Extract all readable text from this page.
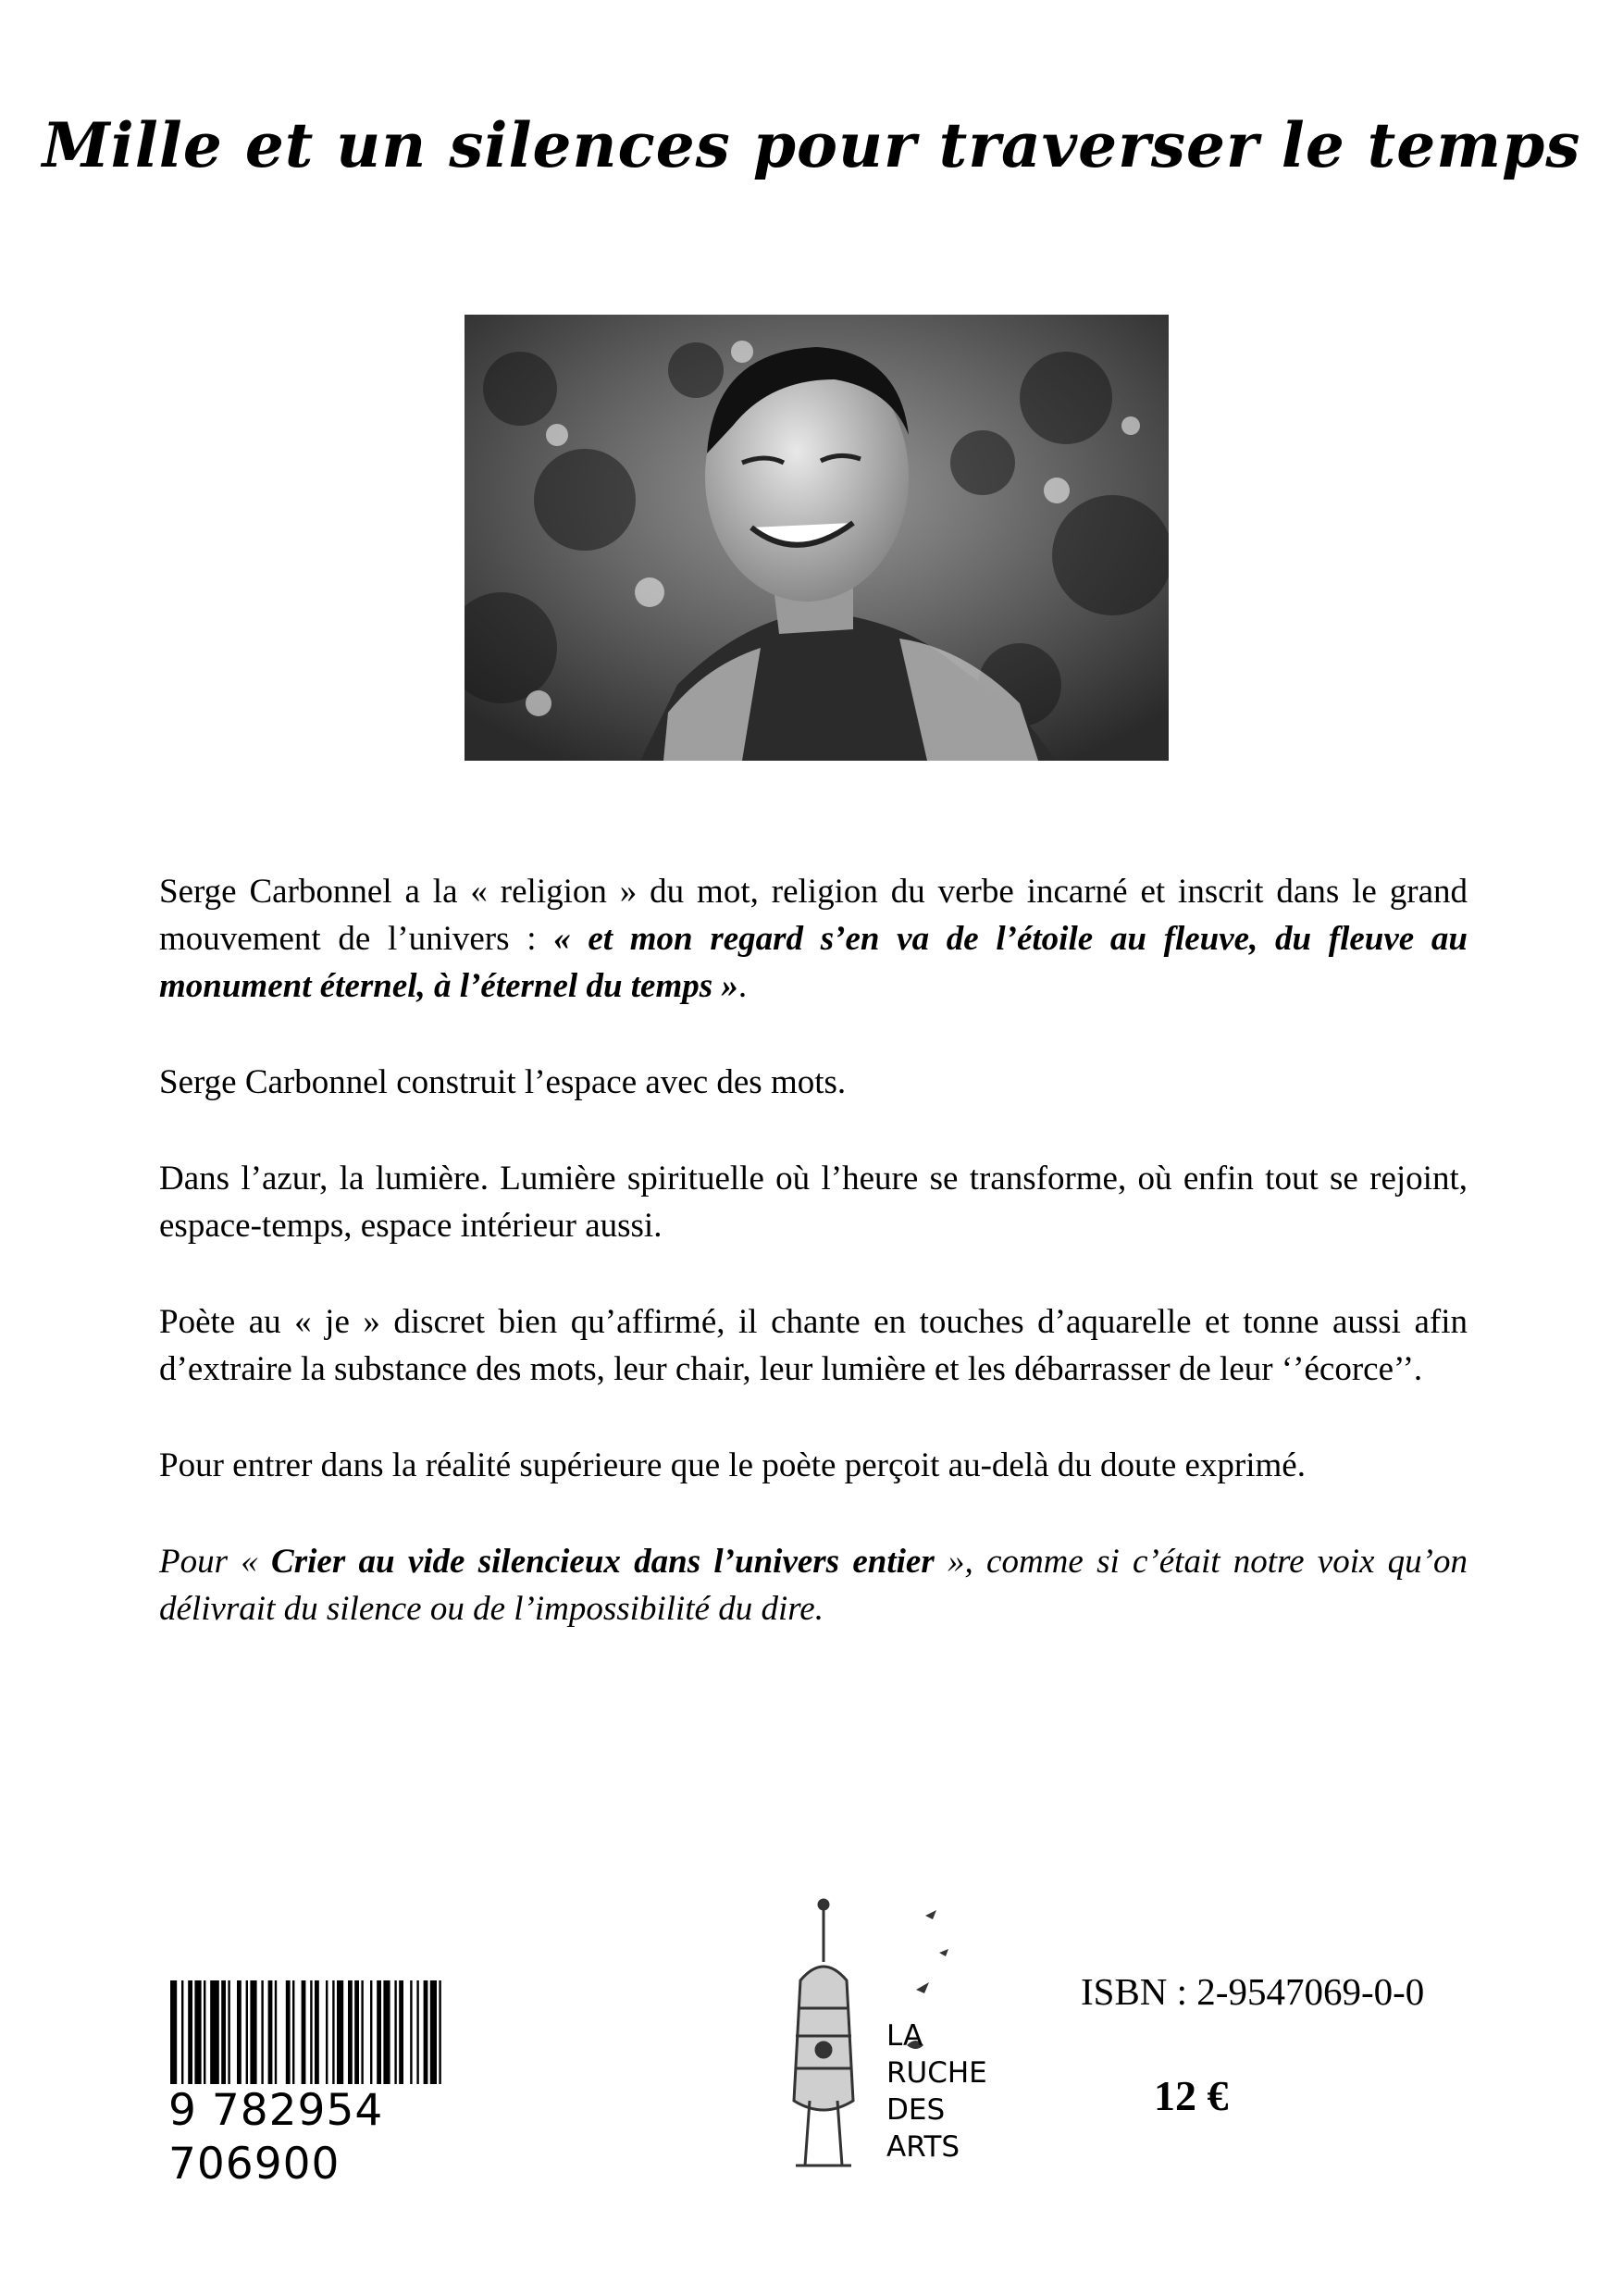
Mille et un silences pour traverser le temps

Serge Carbonnel a la « religion » du mot, religion du verbe incarné et inscrit dans le grand mouvement de l’univers : « et mon regard s’en va de l’étoile au fleuve, du fleuve au monument éternel, à l’éternel du temps ».

Serge Carbonnel construit l’espace avec des mots.

Dans l’azur, la lumière. Lumière spirituelle où l’heure se transforme, où enfin tout se rejoint, espace-temps, espace intérieur aussi.

Poète au « je » discret bien qu’affirmé, il chante en touches d’aquarelle et tonne aussi afin d’extraire la substance des mots, leur chair, leur lumière et les débarrasser de leur ‘’écorce’’.

Pour entrer dans la réalité supérieure que le poète perçoit au-delà du doute exprimé.

Pour « Crier au vide silencieux dans l’univers entier », comme si c’était notre voix qu’on délivrait du silence ou de l’impossibilité du dire.

9 782954 706900
LA
RUCHE
DES
ARTS
ISBN : 2-9547069-0-0
12 €
